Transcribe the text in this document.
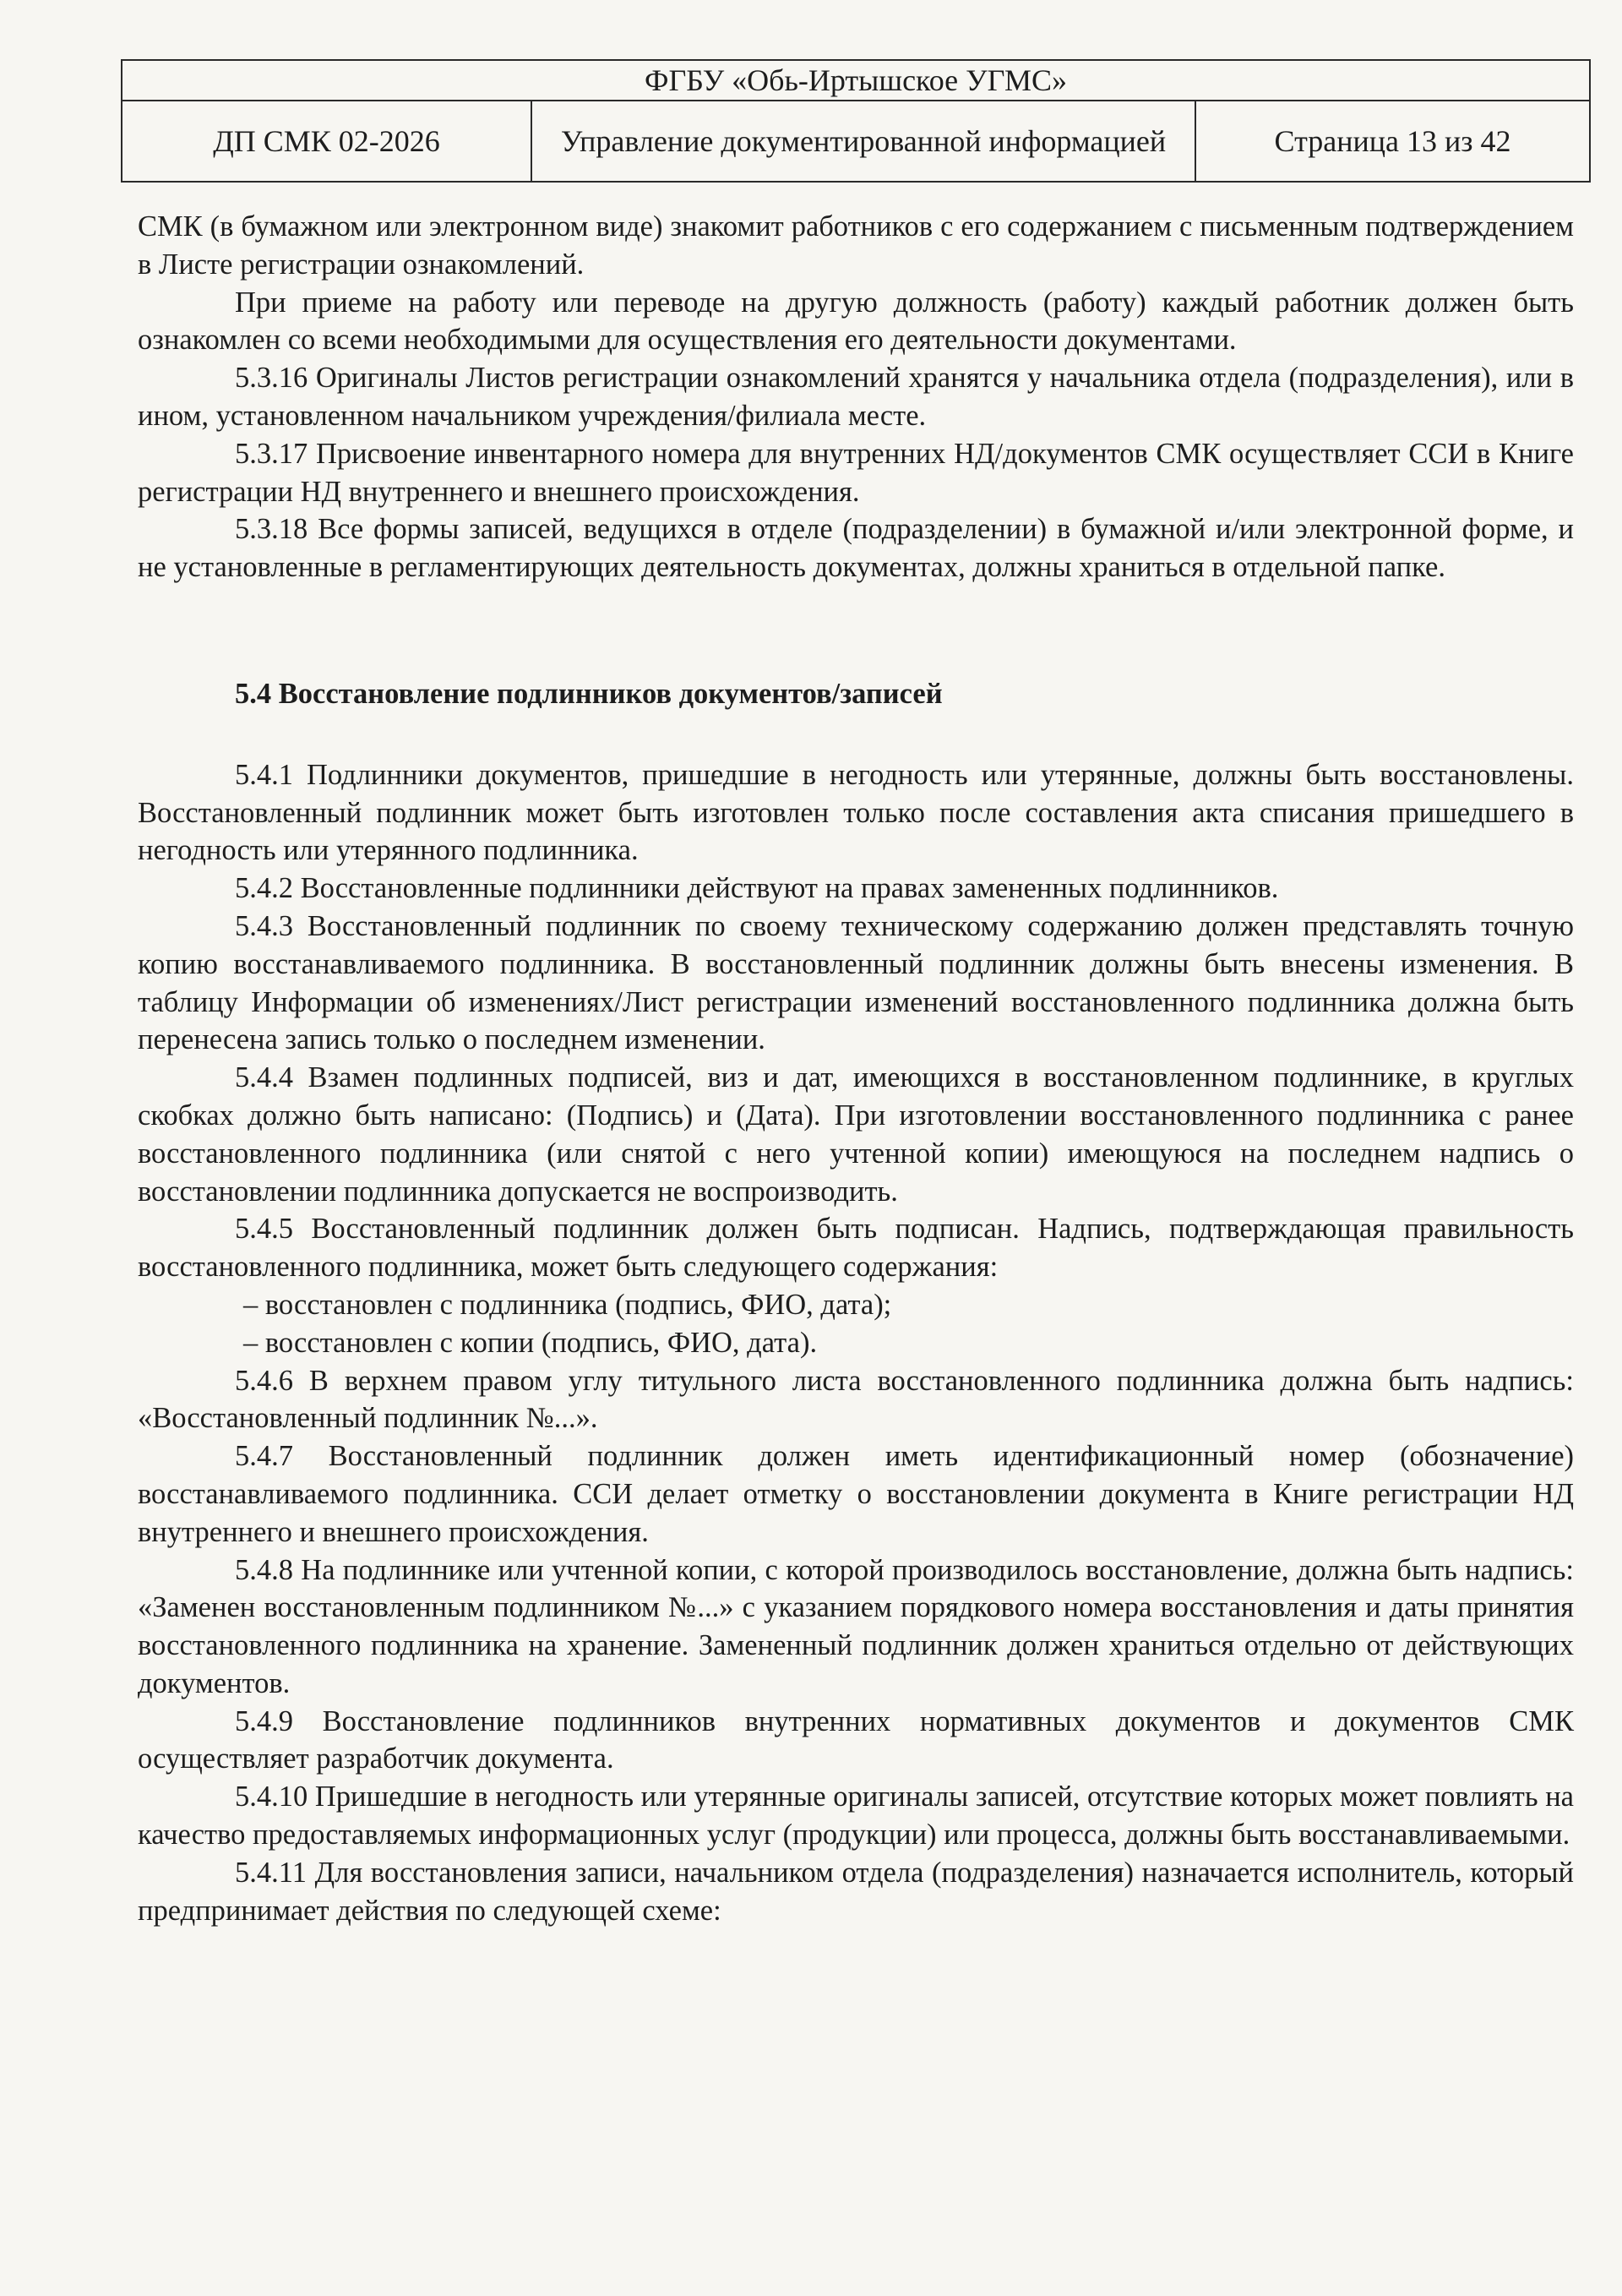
ФГБУ «Обь-Иртышское УГМС»
ДП СМК 02-2026	Управление документированной информацией	Страница 13 из 42

СМК (в бумажном или электронном виде) знакомит работников с его содержанием с письменным подтверждением в Листе регистрации ознакомлений.

При приеме на работу или переводе на другую должность (работу) каждый работник должен быть ознакомлен со всеми необходимыми для осуществления его деятельности документами.

5.3.16 Оригиналы Листов регистрации ознакомлений хранятся у начальника отдела (подразделения), или в ином, установленном начальником учреждения/филиала месте.

5.3.17 Присвоение инвентарного номера для внутренних НД/документов СМК осуществляет ССИ в Книге регистрации НД внутреннего и внешнего происхождения.

5.3.18 Все формы записей, ведущихся в отделе (подразделении) в бумажной и/или электронной форме, и не установленные в регламентирующих деятельность документах, должны храниться в отдельной папке.

5.4 Восстановление подлинников документов/записей

5.4.1 Подлинники документов, пришедшие в негодность или утерянные, должны быть восстановлены. Восстановленный подлинник может быть изготовлен только после составления акта списания пришедшего в негодность или утерянного подлинника.

5.4.2 Восстановленные подлинники действуют на правах замененных подлинников.

5.4.3 Восстановленный подлинник по своему техническому содержанию должен представлять точную копию восстанавливаемого подлинника. В восстановленный подлинник должны быть внесены изменения. В таблицу Информации об изменениях/Лист регистрации изменений восстановленного подлинника должна быть перенесена запись только о последнем изменении.

5.4.4 Взамен подлинных подписей, виз и дат, имеющихся в восстановленном подлиннике, в круглых скобках должно быть написано: (Подпись) и (Дата). При изготовлении восстановленного подлинника с ранее восстановленного подлинника (или снятой с него учтенной копии) имеющуюся на последнем надпись о восстановлении подлинника допускается не воспроизводить.

5.4.5 Восстановленный подлинник должен быть подписан. Надпись, подтверждающая правильность восстановленного подлинника, может быть следующего содержания:

– восстановлен с подлинника (подпись, ФИО, дата);

– восстановлен с копии (подпись, ФИО, дата).

5.4.6 В верхнем правом углу титульного листа восстановленного подлинника должна быть надпись: «Восстановленный подлинник №...».

5.4.7 Восстановленный подлинник должен иметь идентификационный номер (обозначение) восстанавливаемого подлинника. ССИ делает отметку о восстановлении документа в Книге регистрации НД внутреннего и внешнего происхождения.

5.4.8 На подлиннике или учтенной копии, с которой производилось восстановление, должна быть надпись: «Заменен восстановленным подлинником №...» с указанием порядкового номера восстановления и даты принятия восстановленного подлинника на хранение. Замененный подлинник должен храниться отдельно от действующих документов.

5.4.9 Восстановление подлинников внутренних нормативных документов и документов СМК осуществляет разработчик документа.

5.4.10 Пришедшие в негодность или утерянные оригиналы записей, отсутствие которых может повлиять на качество предоставляемых информационных услуг (продукции) или процесса, должны быть восстанавливаемыми.

5.4.11 Для восстановления записи, начальником отдела (подразделения) назначается исполнитель, который предпринимает действия по следующей схеме:
